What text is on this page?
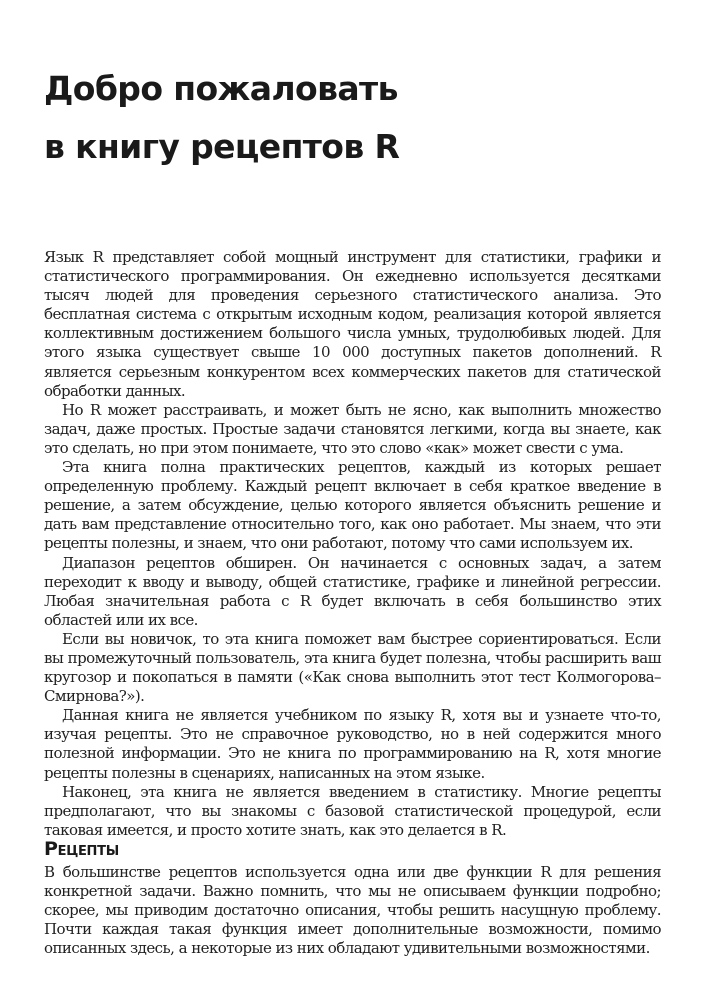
Добро пожаловать
в книгу рецептов R

Язык R представляет собой мощный инструмент для статистики, графики и статистического программирования. Он ежедневно используется десятками тысяч людей для проведения серьезного статистического анализа. Это бесплатная система с открытым исходным кодом, реализация которой является коллективным достижением большого числа умных, трудолюбивых людей. Для этого языка существует свыше 10 000 доступных пакетов дополнений. R является серьезным конкурентом всех коммерческих пакетов для статической обработки данных.

Но R может расстраивать, и может быть не ясно, как выполнить множество задач, даже простых. Простые задачи становятся легкими, когда вы знаете, как это сделать, но при этом понимаете, что это слово «как» может свести с ума.

Эта книга полна практических рецептов, каждый из которых решает определенную проблему. Каждый рецепт включает в себя краткое введение в решение, а затем обсуждение, целью которого является объяснить решение и дать вам представление относительно того, как оно работает. Мы знаем, что эти рецепты полезны, и знаем, что они работают, потому что сами используем их.

Диапазон рецептов обширен. Он начинается с основных задач, а затем переходит к вводу и выводу, общей статистике, графике и линейной регрессии. Любая значительная работа с R будет включать в себя большинство этих областей или их все.

Если вы новичок, то эта книга поможет вам быстрее сориентироваться. Если вы промежуточный пользователь, эта книга будет полезна, чтобы расширить ваш кругозор и покопаться в памяти («Как снова выполнить этот тест Колмогорова–Смирнова?»).

Данная книга не является учебником по языку R, хотя вы и узнаете что-то, изучая рецепты. Это не справочное руководство, но в ней содержится много полезной информации. Это не книга по программированию на R, хотя многие рецепты полезны в сценариях, написанных на этом языке.

Наконец, эта книга не является введением в статистику. Многие рецепты предполагают, что вы знакомы с базовой статистической процедурой, если таковая имеется, и просто хотите знать, как это делается в R.

Рецепты

В большинстве рецептов используется одна или две функции R для решения конкретной задачи. Важно помнить, что мы не описываем функции подробно; скорее, мы приводим достаточно описания, чтобы решить насущную проблему. Почти каждая такая функция имеет дополнительные возможности, помимо описанных здесь, а некоторые из них обладают удивительными возможностями.
